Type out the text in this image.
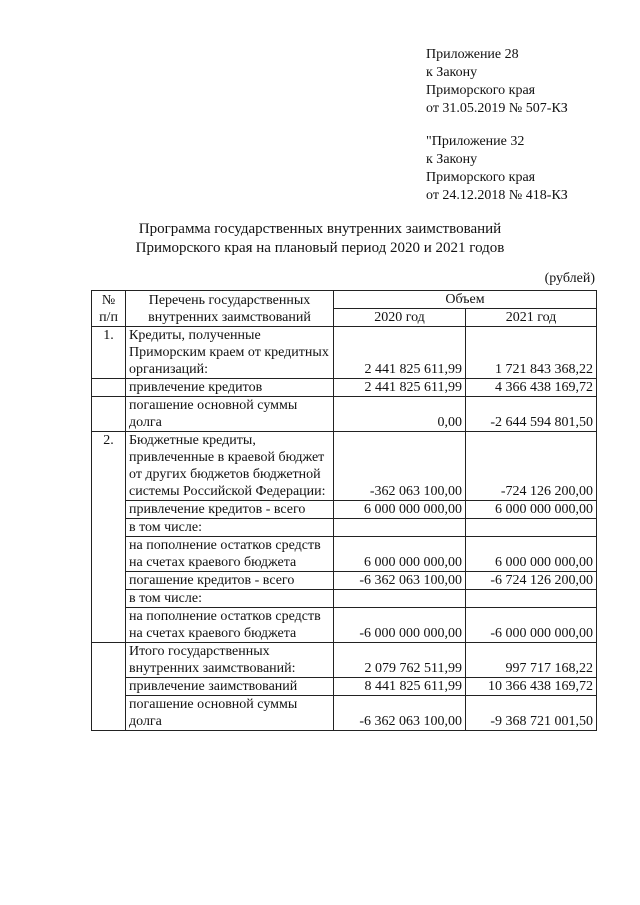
Приложение 28
к Закону
Приморского края
от 31.05.2019 № 507-КЗ
"Приложение 32
к Закону
Приморского края
от 24.12.2018 № 418-КЗ
Программа государственных внутренних заимствований
Приморского края на плановый период 2020 и 2021 годов
(рублей)
№ п/п	Перечень государственных внутренних заимствований	Объем	
		2020 год	2021 год
1.	Кредиты, полученные Приморским краем от кредитных организаций:	2 441 825 611,99	1 721 843 368,22
	привлечение кредитов	2 441 825 611,99	4 366 438 169,72
	погашение основной суммы долга	0,00	-2 644 594 801,50
2.	Бюджетные кредиты, привлеченные в краевой бюджет от других бюджетов бюджетной системы Российской Федерации:	-362 063 100,00	-724 126 200,00
	привлечение кредитов - всего	6 000 000 000,00	6 000 000 000,00
	в том числе:		
	на пополнение остатков средств на счетах краевого бюджета	6 000 000 000,00	6 000 000 000,00
	погашение кредитов - всего	-6 362 063 100,00	-6 724 126 200,00
	в том числе:		
	на пополнение остатков средств на счетах краевого бюджета	-6 000 000 000,00	-6 000 000 000,00
	Итого государственных внутренних заимствований:	2 079 762 511,99	997 717 168,22
	привлечение заимствований	8 441 825 611,99	10 366 438 169,72
	погашение основной суммы долга	-6 362 063 100,00	-9 368 721 001,50
